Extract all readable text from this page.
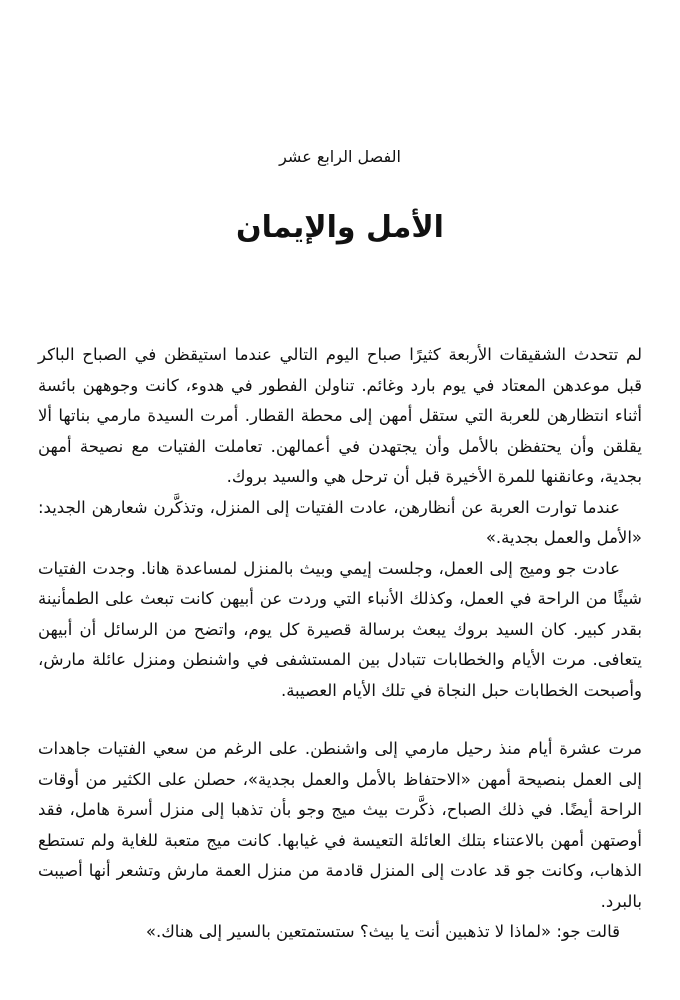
الفصل الرابع عشر
الأمل والإيمان

لم تتحدث الشقيقات الأربعة كثيرًا صباح اليوم التالي عندما استيقظن في الصباح الباكر قبل موعدهن المعتاد في يوم بارد وغائم. تناولن الفطور في هدوء، كانت وجوههن بائسة أثناء انتظارهن للعربة التي ستقل أمهن إلى محطة القطار. أمرت السيدة مارمي بناتها ألا يقلقن وأن يحتفظن بالأمل وأن يجتهدن في أعمالهن. تعاملت الفتيات مع نصيحة أمهن بجدية، وعانقنها للمرة الأخيرة قبل أن ترحل هي والسيد بروك.

عندما توارت العربة عن أنظارهن، عادت الفتيات إلى المنزل، وتذكَّرن شعارهن الجديد: «الأمل والعمل بجدية.»

عادت جو وميج إلى العمل، وجلست إيمي وبيث بالمنزل لمساعدة هانا. وجدت الفتيات شيئًا من الراحة في العمل، وكذلك الأنباء التي وردت عن أبيهن كانت تبعث على الطمأنينة بقدر كبير. كان السيد بروك يبعث برسالة قصيرة كل يوم، واتضح من الرسائل أن أبيهن يتعافى. مرت الأيام والخطابات تتبادل بين المستشفى في واشنطن ومنزل عائلة مارش، وأصبحت الخطابات حبل النجاة في تلك الأيام العصيبة.

مرت عشرة أيام منذ رحيل مارمي إلى واشنطن. على الرغم من سعي الفتيات جاهدات إلى العمل بنصيحة أمهن «الاحتفاظ بالأمل والعمل بجدية»، حصلن على الكثير من أوقات الراحة أيضًا. في ذلك الصباح، ذكَّرت بيث ميج وجو بأن تذهبا إلى منزل أسرة هامل، فقد أوصتهن أمهن بالاعتناء بتلك العائلة التعيسة في غيابها. كانت ميج متعبة للغاية ولم تستطع الذهاب، وكانت جو قد عادت إلى المنزل قادمة من منزل العمة مارش وتشعر أنها أصيبت بالبرد.

قالت جو: «لماذا لا تذهبين أنت يا بيث؟ ستستمتعين بالسير إلى هناك.»
